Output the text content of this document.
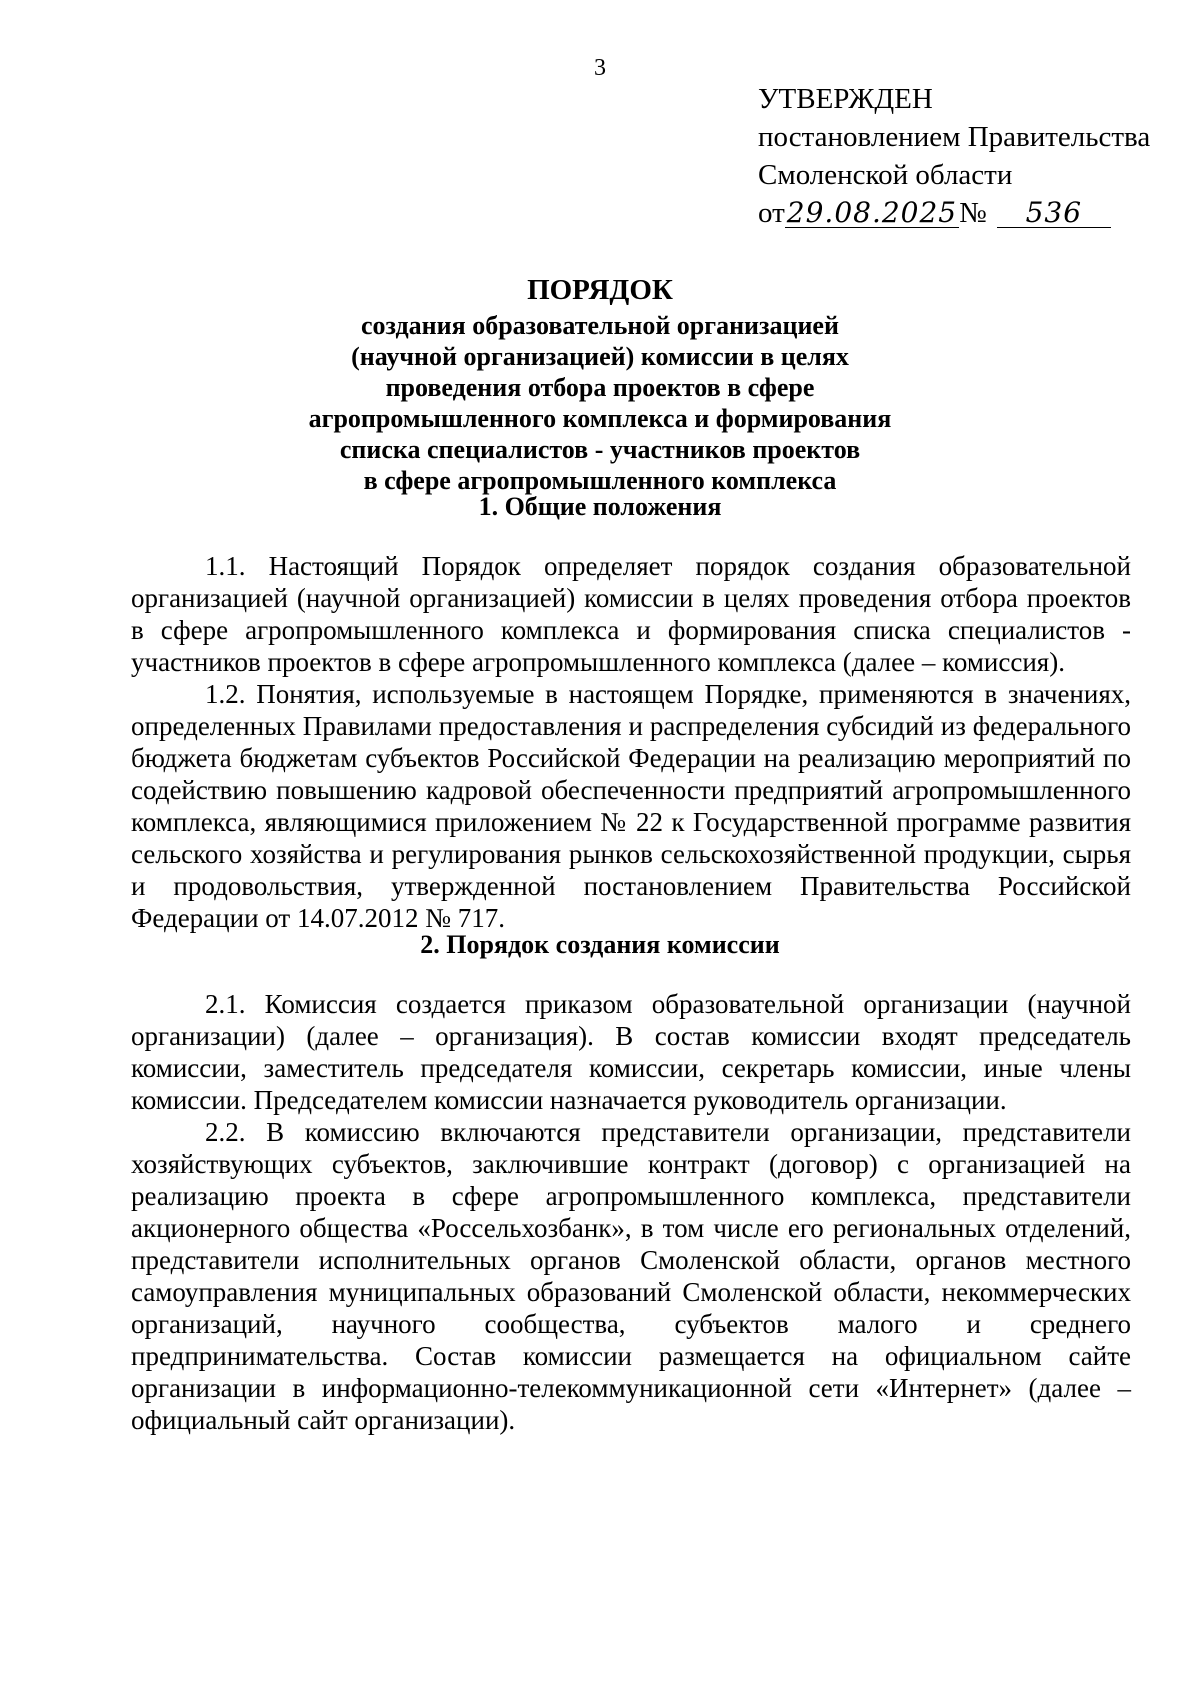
3
УТВЕРЖДЕН
постановлением Правительства
Смоленской области
от29.08.2025№ 536
ПОРЯДОК
создания образовательной организацией
(научной организацией) комиссии в целях
проведения отбора проектов в сфере
агропромышленного комплекса и формирования
списка специалистов - участников проектов
в сфере агропромышленного комплекса
1. Общие положения

1.1. Настоящий Порядок определяет порядок создания образовательной организацией (научной организацией) комиссии в целях проведения отбора проектов в сфере агропромышленного комплекса и формирования списка специалистов - участников проектов в сфере агропромышленного комплекса (далее – комиссия).

1.2. Понятия, используемые в настоящем Порядке, применяются в значениях, определенных Правилами предоставления и распределения субсидий из федерального бюджета бюджетам субъектов Российской Федерации на реализацию мероприятий по содействию повышению кадровой обеспеченности предприятий агропромышленного комплекса, являющимися приложением № 22 к Государственной программе развития сельского хозяйства и регулирования рынков сельскохозяйственной продукции, сырья и продовольствия, утвержденной постановлением Правительства Российской Федерации от 14.07.2012 № 717.

2. Порядок создания комиссии

2.1. Комиссия создается приказом образовательной организации (научной организации) (далее – организация). В состав комиссии входят председатель комиссии, заместитель председателя комиссии, секретарь комиссии, иные члены комиссии. Председателем комиссии назначается руководитель организации.

2.2. В комиссию включаются представители организации, представители хозяйствующих субъектов, заключившие контракт (договор) с организацией на реализацию проекта в сфере агропромышленного комплекса, представители акционерного общества «Россельхозбанк», в том числе его региональных отделений, представители исполнительных органов Смоленской области, органов местного самоуправления муниципальных образований Смоленской области, некоммерческих организаций, научного сообщества, субъектов малого и среднего предпринимательства. Состав комиссии размещается на официальном сайте организации в информационно-телекоммуникационной сети «Интернет» (далее – официальный сайт организации).
